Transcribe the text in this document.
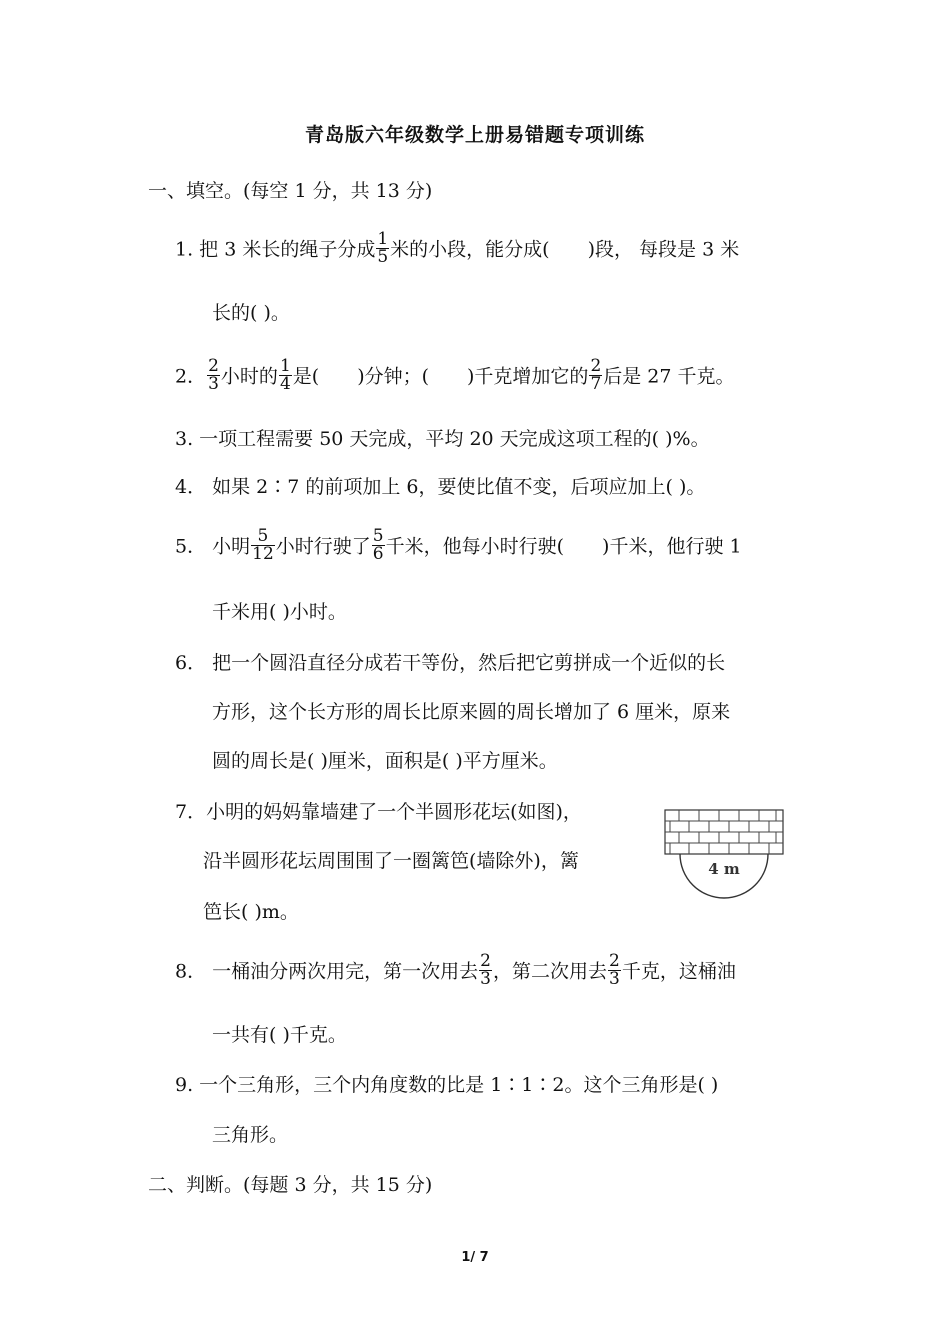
青岛版六年级数学上册易错题专项训练
一、填空。(每空 1 分，共 13 分)
1. 把 3 米长的绳子分成 $\frac{1}{5}$ 米的小段，能分成( )段， 每段是 3 米
长的( )。
2． $\frac{2}{3}$ 小时的 $\frac{1}{4}$ 是( )分钟；( )千克增加它的 $\frac{2}{7}$ 后是 27 千克。
3. 一项工程需要 50 天完成，平均 20 天完成这项工程的( )%。
4． 如果 2∶7 的前项加上 6，要使比值不变，后项应加上( )。
5． 小明 $\frac{5}{12}$ 小时行驶了 $\frac{5}{6}$ 千米，他每小时行驶( )千米，他行驶 1
千米用( )小时。
6． 把一个圆沿直径分成若干等份，然后把它剪拼成一个近似的长
方形，这个长方形的周长比原来圆的周长增加了 6 厘米，原来
圆的周长是( )厘米，面积是( )平方厘米。
7．小明的妈妈靠墙建了一个半圆形花坛(如图)，
沿半圆形花坛周围围了一圈篱笆(墙除外)，篱
笆长( )m。
4 m
8． 一桶油分两次用完，第一次用去 $\frac{2}{3}$ ，第二次用去 $\frac{2}{3}$ 千克，这桶油
一共有( )千克。
9. 一个三角形，三个内角度数的比是 1∶1∶2。这个三角形是( )
三角形。
二、判断。(每题 3 分，共 15 分)
1/ 7
